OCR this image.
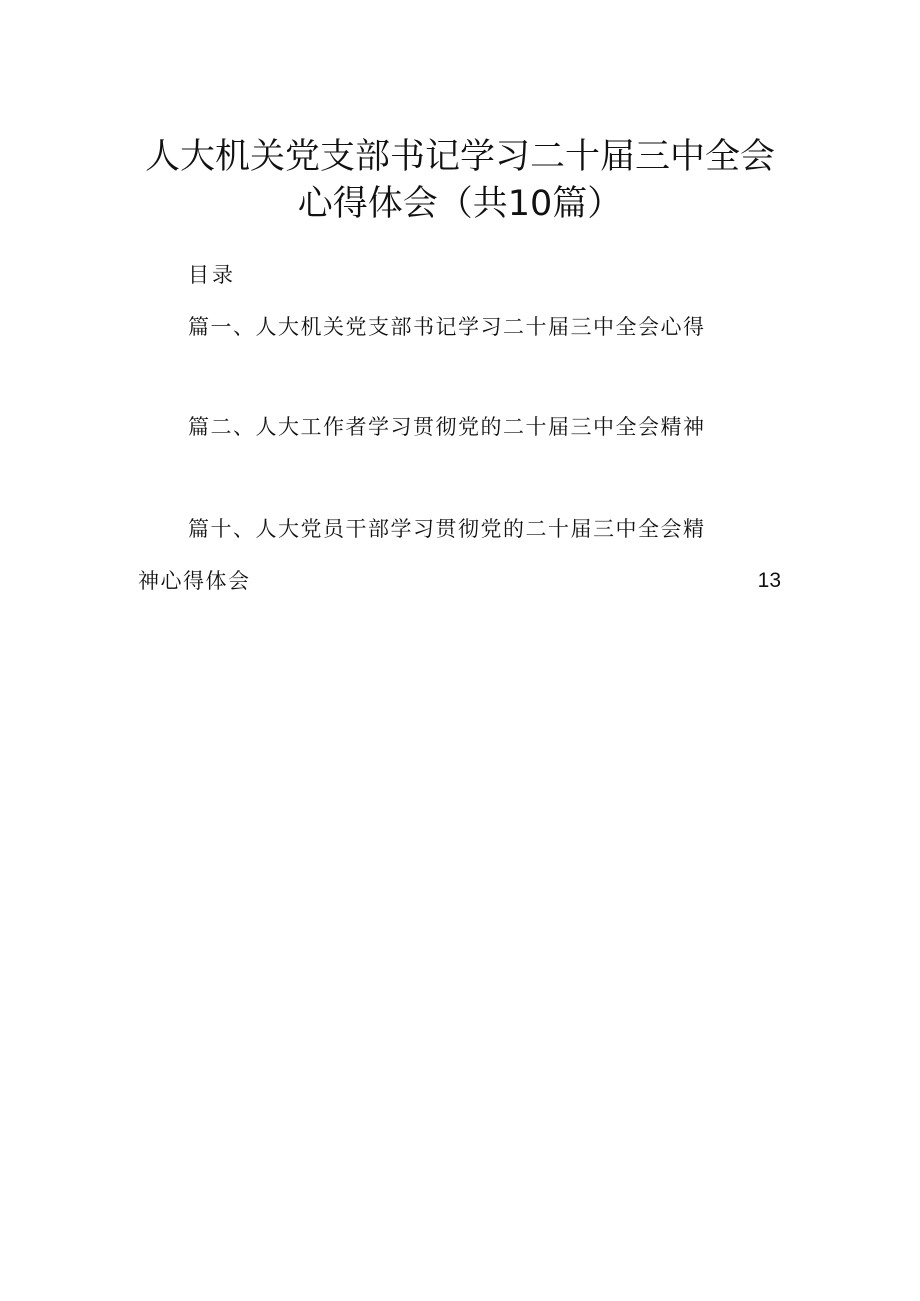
人大机关党支部书记学习二十届三中全会
心得体会（共10篇）
目录
篇一、人大机关党支部书记学习二十届三中全会心得
篇二、人大工作者学习贯彻党的二十届三中全会精神
篇十、人大党员干部学习贯彻党的二十届三中全会精
神心得体会	13
